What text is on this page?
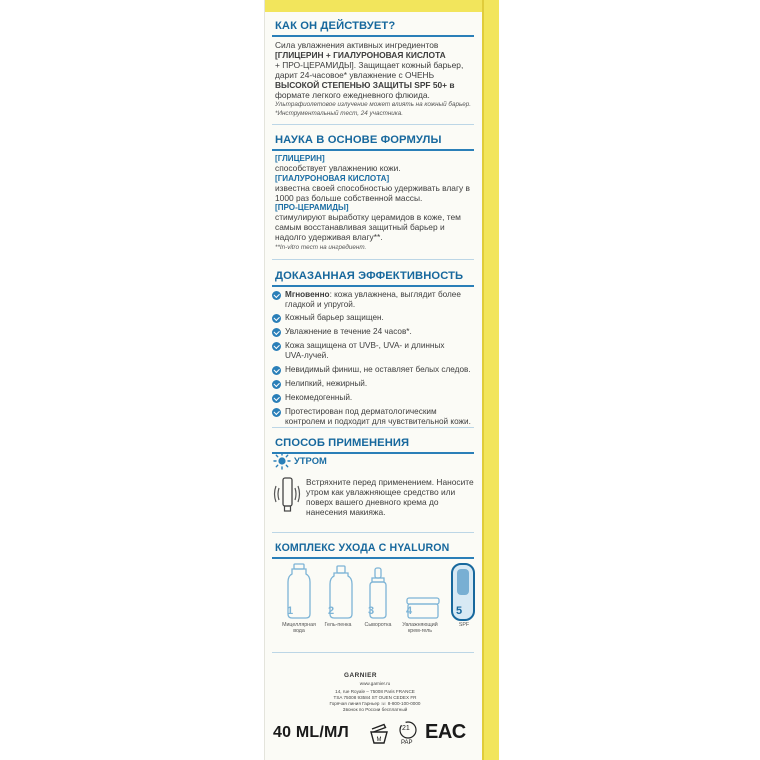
КАК ОН ДЕЙСТВУЕТ?
Сила увлажнения активных ингредиентов
[ГЛИЦЕРИН + ГИАЛУРОНОВАЯ КИСЛОТА
+ ПРО-ЦЕРАМИДЫ]. Защищает кожный барьер,
дарит 24-часовое* увлажнение с ОЧЕНЬ
ВЫСОКОЙ СТЕПЕНЬЮ ЗАЩИТЫ SPF 50+ в
формате легкого ежедневного флюида.
Ультрафиолетовое излучение может влиять на кожный барьер.
*Инструментальный тест, 24 участника.
НАУКА В ОСНОВЕ ФОРМУЛЫ
[ГЛИЦЕРИН]
способствует увлажнению кожи.
[ГИАЛУРОНОВАЯ КИСЛОТА]
известна своей способностью удерживать влагу в
1000 раз больше собственной массы.
[ПРО-ЦЕРАМИДЫ]
стимулируют выработку церамидов в коже, тем
самым восстанавливая защитный барьер и
надолго удерживая влагу**.
**In-vitro тест на ингредиент.
ДОКАЗАННАЯ ЭФФЕКТИВНОСТЬ
Мгновенно: кожа увлажнена, выглядит более
гладкой и упругой.
Кожный барьер защищен.
Увлажнение в течение 24 часов*.
Кожа защищена от UVB-, UVA- и длинных
UVA-лучей.
Невидимый финиш, не оставляет белых следов.
Нелипкий, нежирный.
Некомедогенный.
Протестирован под дерматологическим
контролем и подходит для чувствительной кожи.
СПОСОБ ПРИМЕНЕНИЯ
УТРОМ
Встряхните перед применением. Наносите
утром как увлажняющее средство или
поверх вашего дневного крема до
нанесения макияжа.
КОМПЛЕКС УХОДА С HYALURON
1	2	3	4	5
Мицеллярная
вода
Гель-пенка	Сыворотка	Увлажняющий
крем-гель
SPF
GARNIER
www.garnier.ru
14, rue Royale – 75008 Paris FRANCE
TSA 75008 93584 ST OUEN CEDEX FR
Горячая линия Гарньер ☏ 8-800-100-0000
Звонок по России бесплатный
40 ML/МЛ	M
21
PAP EAC
